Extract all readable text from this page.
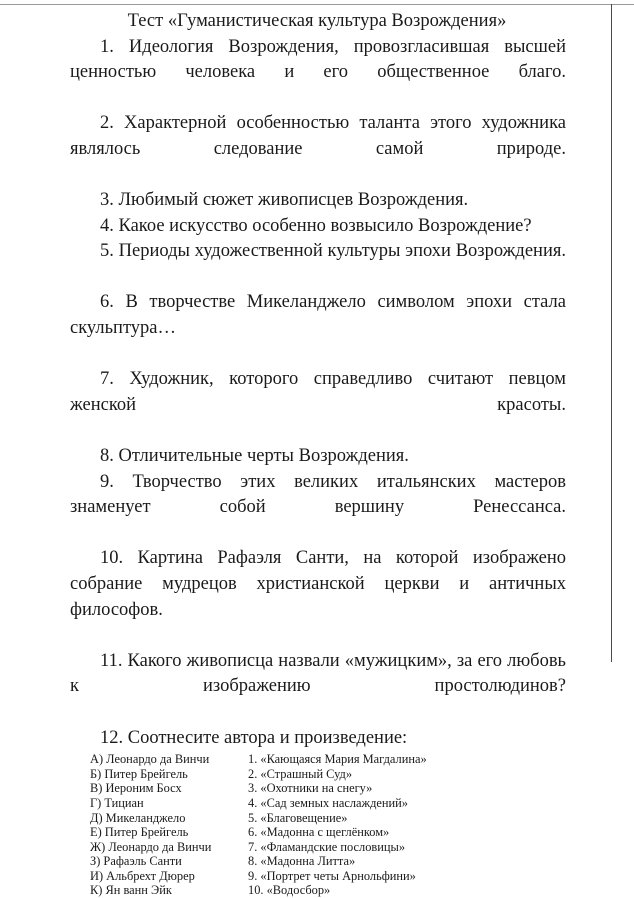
Тест «Гуманистическая культура Возрождения»

1. Идеология Возрождения, провозгласившая высшей ценностью человека и его общественное благо.

2. Характерной особенностью таланта этого художника являлось следование самой природе.

3. Любимый сюжет живописцев Возрождения.

4. Какое искусство особенно возвысило Возрождение?

5. Периоды художественной культуры эпохи Возрождения.

6. В творчестве Микеланджело символом эпохи стала скульптура…

7. Художник, которого справедливо считают певцом женской красоты.

8. Отличительные черты Возрождения.

9. Творчество этих великих итальянских мастеров знаменует собой вершину Ренессанса.

10. Картина Рафаэля Санти, на которой изображено собрание мудрецов христианской церкви и античных философов.

11. Какого живописца назвали «мужицким», за его любовь к изображению простолюдинов?

12. Соотнесите автора и произведение:
А) Леонардо да Винчи	1. «Кающаяся Мария Магдалина»
Б) Питер Брейгель	2. «Страшный Суд»
В) Иероним Босх	3. «Охотники на снегу»
Г) Тициан	4. «Сад земных наслаждений»
Д) Микеланджело	5. «Благовещение»
Е) Питер Брейгель	6. «Мадонна с щеглёнком»
Ж) Леонардо да Винчи	7. «Фламандские пословицы»
З) Рафаэль Санти	8. «Мадонна Литта»
И) Альбрехт Дюрер	9. «Портрет четы Арнольфини»
К) Ян ванн Эйк	10. «Водосбор»
